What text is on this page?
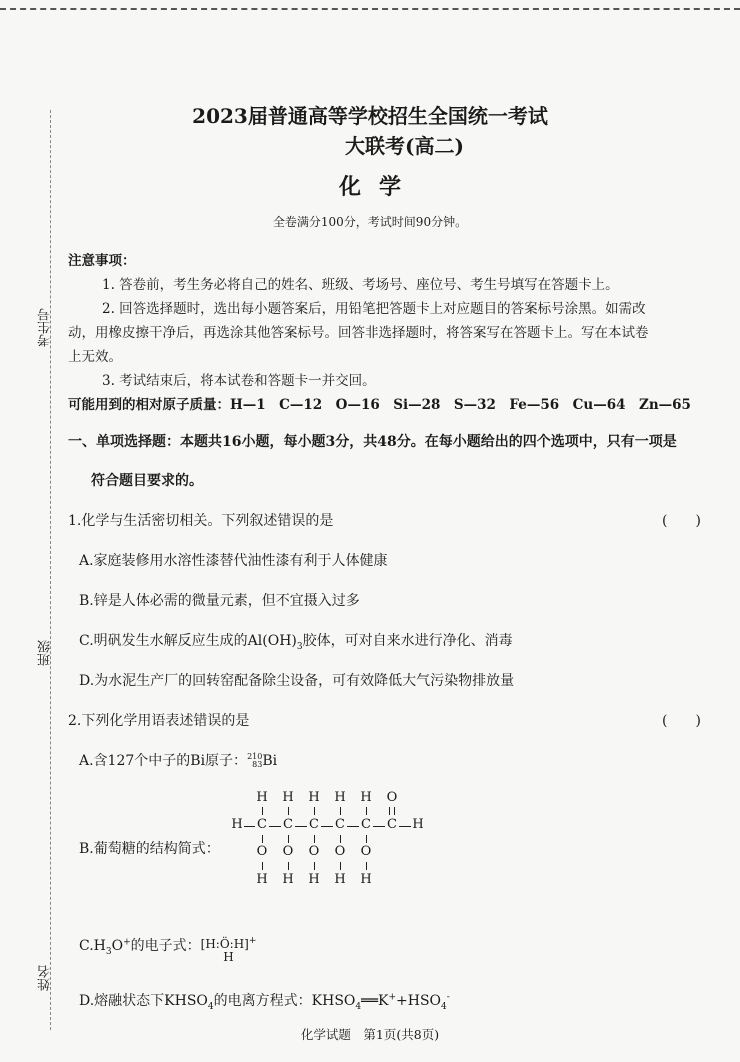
考生号
班级
姓名
2023届普通高等学校招生全国统一考试
大联考(高二)
化学
全卷满分100分，考试时间90分钟。
注意事项：
1. 答卷前，考生务必将自己的姓名、班级、考场号、座位号、考生号填写在答题卡上。
2. 回答选择题时，选出每小题答案后，用铅笔把答题卡上对应题目的答案标号涂黑。如需改
动，用橡皮擦干净后，再选涂其他答案标号。回答非选择题时，将答案写在答题卡上。写在本试卷
上无效。
3. 考试结束后，将本试卷和答题卡一并交回。
可能用到的相对原子质量：H—1　C—12　O—16　Si—28　S—32　Fe—56　Cu—64　Zn—65
一、单项选择题：本题共16小题，每小题3分，共48分。在每小题给出的四个选项中，只有一项是
符合题目要求的。
1.化学与生活密切相关。下列叙述错误的是	(　　)
A.家庭装修用水溶性漆替代油性漆有利于人体健康
B.锌是人体必需的微量元素，但不宜摄入过多
C.明矾发生水解反应生成的$Al(OH)_3$胶体，可对自来水进行净化、消毒
D.为水泥生产厂的回转窑配备除尘设备，可有效降低大气污染物排放量
2.下列化学用语表述错误的是	(　　)
A.含127个中子的Bi原子：210
83Bi
B.葡萄糖的结构简式：
H H H H H O
H C C C C C C H
O O O O O
H H H H H
$C.H_3O^+$的电子式：[H:Ö:H]+
H
D.熔融状态下$KHSO_4$的电离方程式：$KHSO_4══K^++HSO_4^-$
化学试题　第1页(共8页)
